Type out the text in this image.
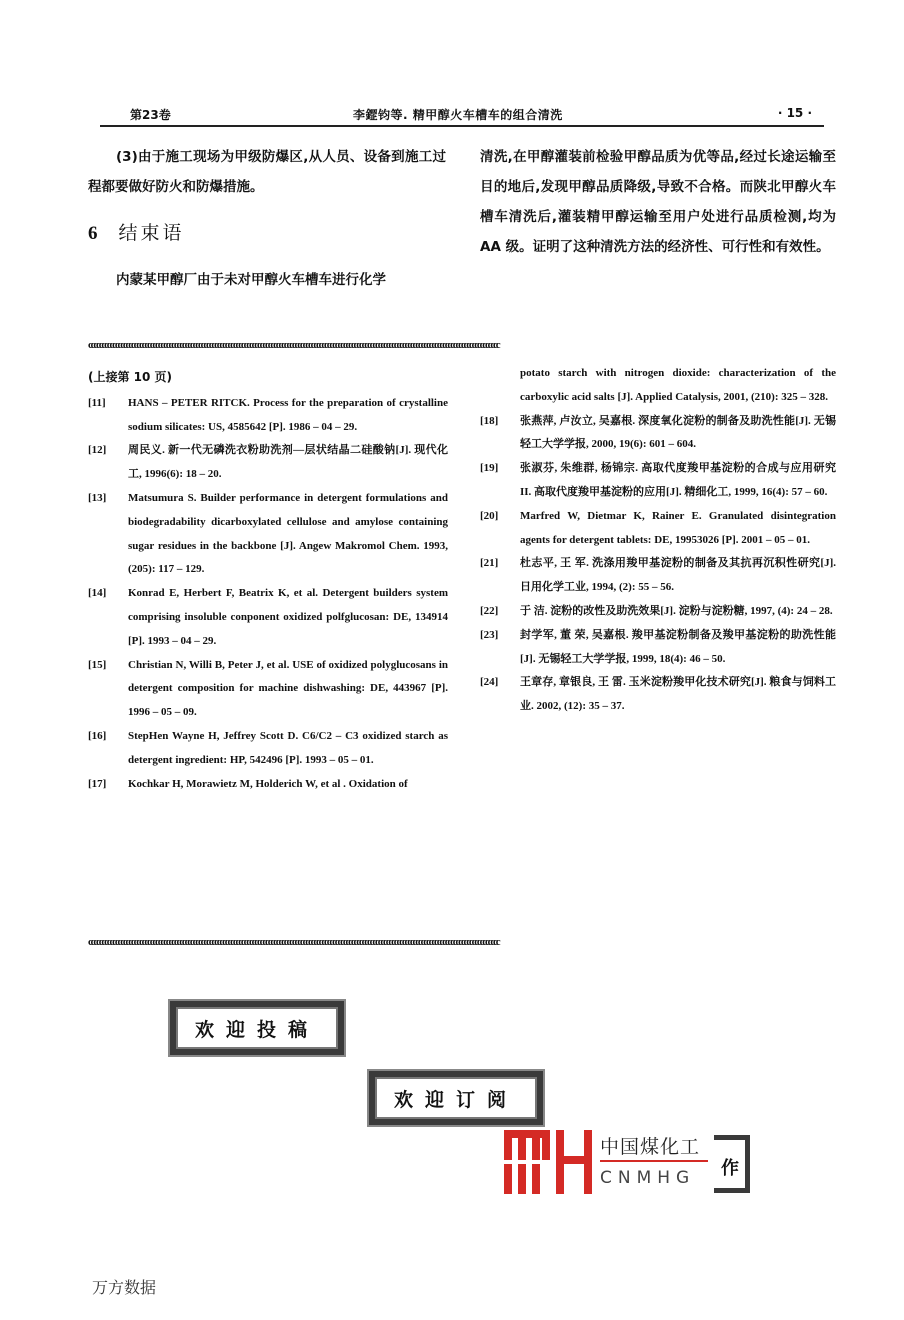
第23卷	李鎠钧等. 精甲醇火车槽车的组合清洗	· 15 ·

(3)由于施工现场为甲级防爆区,从人员、设备到施工过程都要做好防火和防爆措施。

6 结束语

内蒙某甲醇厂由于未对甲醇火车槽车进行化学

清洗,在甲醇灌装前检验甲醇品质为优等品,经过长途运输至目的地后,发现甲醇品质降级,导致不合格。而陕北甲醇火车槽车清洗后,灌装精甲醇运输至用户处进行品质检测,均为 AA 级。证明了这种清洗方法的经济性、可行性和有效性。

ccccccccccccccccccccccccccccccccccccccccccccccccccccccccccccccccccccccccccccccccccccccccccccccccccccccccccccccccccccccccccccccccccccccccccccccccccccccccc
(上接第 10 页)
[11] HANS – PETER RITCK. Process for the preparation of crystalline sodium silicates: US, 4585642 [P]. 1986 – 04 – 29.
[12] 周民义. 新一代无磷洗衣粉助洗剂—层状结晶二硅酸钠[J]. 现代化工, 1996(6): 18 – 20.
[13] Matsumura S. Builder performance in detergent formulations and biodegradability dicarboxylated cellulose and amylose containing sugar residues in the backbone [J]. Angew Makromol Chem. 1993, (205): 117 – 129.
[14] Konrad E, Herbert F, Beatrix K, et al. Detergent builders system comprising insoluble conponent oxidized polfglucosan: DE, 134914 [P]. 1993 – 04 – 29.
[15] Christian N, Willi B, Peter J, et al. USE of oxidized polyglucosans in detergent composition for machine dishwashing: DE, 443967 [P]. 1996 – 05 – 09.
[16] StepHen Wayne H, Jeffrey Scott D. C6/C2 – C3 oxidized starch as detergent ingredient: HP, 542496 [P]. 1993 – 05 – 01.
[17] Kochkar H, Morawietz M, Holderich W, et al . Oxidation of
potato starch with nitrogen dioxide: characterization of the carboxylic acid salts [J]. Applied Catalysis, 2001, (210): 325 – 328.
[18] 张燕萍, 卢汝立, 吴嘉根. 深度氧化淀粉的制备及助洗性能[J]. 无锡轻工大学学报, 2000, 19(6): 601 – 604.
[19] 张淑芬, 朱维群, 杨锦宗. 高取代度羧甲基淀粉的合成与应用研究 II. 高取代度羧甲基淀粉的应用[J]. 精细化工, 1999, 16(4): 57 – 60.
[20] Marfred W, Dietmar K, Rainer E. Granulated disintegration agents for detergent tablets: DE, 19953026 [P]. 2001 – 05 – 01.
[21] 杜志平, 王 军. 洗涤用羧甲基淀粉的制备及其抗再沉积性研究[J]. 日用化学工业, 1994, (2): 55 – 56.
[22] 于 洁. 淀粉的改性及助洗效果[J]. 淀粉与淀粉糖, 1997, (4): 24 – 28.
[23] 封学军, 董 荣, 吴嘉根. 羧甲基淀粉制备及羧甲基淀粉的助洗性能[J]. 无锡轻工大学学报, 1999, 18(4): 46 – 50.
[24] 王章存, 章银良, 王 雷. 玉米淀粉羧甲化技术研究[J]. 粮食与饲料工业. 2002, (12): 35 – 37.
ccccccccccccccccccccccccccccccccccccccccccccccccccccccccccccccccccccccccccccccccccccccccccccccccccccccccccccccccccccccccccccccccccccccccccccccccccccccccc
欢迎投稿
欢迎订阅
作
中国煤化工
CNMHG
万方数据
